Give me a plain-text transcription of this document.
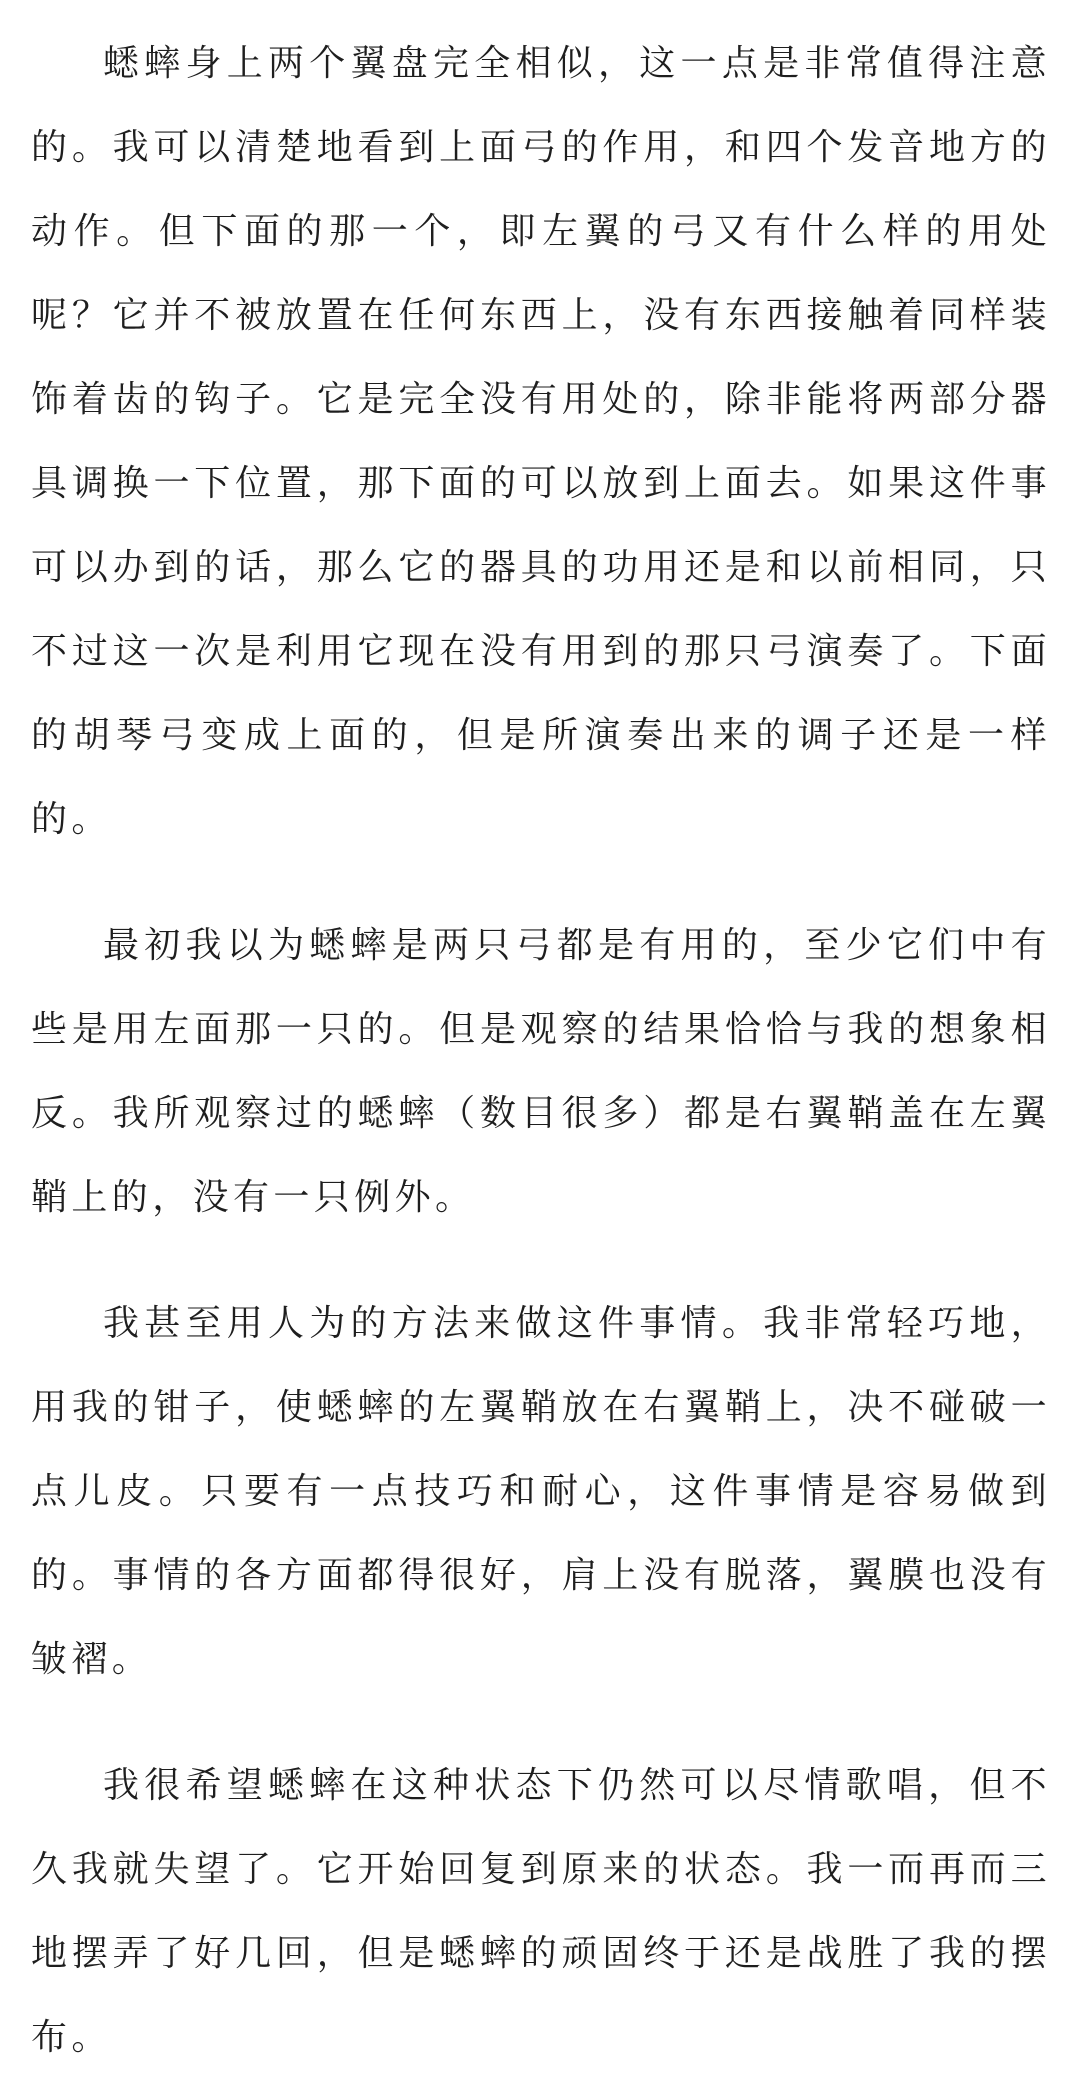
蟋蟀身上两个翼盘完全相似，这一点是非常值得注意的。我可以清楚地看到上面弓的作用，和四个发音地方的动作。但下面的那一个，即左翼的弓又有什么样的用处呢？它并不被放置在任何东西上，没有东西接触着同样装饰着齿的钩子。它是完全没有用处的，除非能将两部分器具调换一下位置，那下面的可以放到上面去。如果这件事可以办到的话，那么它的器具的功用还是和以前相同，只不过这一次是利用它现在没有用到的那只弓演奏了。下面的胡琴弓变成上面的，但是所演奏出来的调子还是一样的。

最初我以为蟋蟀是两只弓都是有用的，至少它们中有些是用左面那一只的。但是观察的结果恰恰与我的想象相反。我所观察过的蟋蟀（数目很多）都是右翼鞘盖在左翼鞘上的，没有一只例外。

我甚至用人为的方法来做这件事情。我非常轻巧地，用我的钳子，使蟋蟀的左翼鞘放在右翼鞘上，决不碰破一点儿皮。只要有一点技巧和耐心，这件事情是容易做到的。事情的各方面都得很好，肩上没有脱落，翼膜也没有皱褶。

我很希望蟋蟀在这种状态下仍然可以尽情歌唱，但不久我就失望了。它开始回复到原来的状态。我一而再而三地摆弄了好几回，但是蟋蟀的顽固终于还是战胜了我的摆布。
